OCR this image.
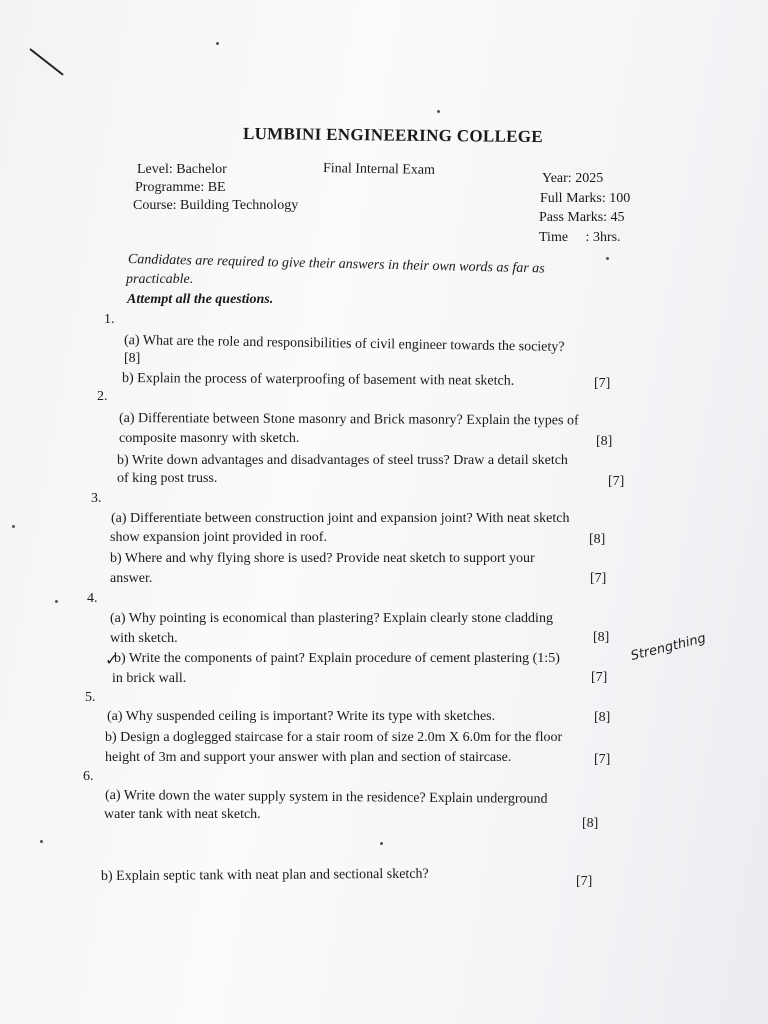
LUMBINI ENGINEERING COLLEGE
Level: Bachelor
Programme: BE
Course: Building Technology
Final Internal Exam
Year: 2025
Full Marks: 100
Pass Marks: 45
Time     : 3hrs.
Candidates are required to give their answers in their own words as far as
practicable.
Attempt all the questions.
1.
(a) What are the role and responsibilities of civil engineer towards the society?
[8]
b) Explain the process of waterproofing of basement with neat sketch.	[7]
2.
(a) Differentiate between Stone masonry and Brick masonry? Explain the types of
composite masonry with sketch.	[8]
b) Write down advantages and disadvantages of steel truss? Draw a detail sketch
of king post truss.	[7]
3.
(a) Differentiate between construction joint and expansion joint? With neat sketch
show expansion joint provided in roof.	[8]
b) Where and why flying shore is used? Provide neat sketch to support your
answer.	[7]
4.
(a) Why pointing is economical than plastering? Explain clearly stone cladding
with sketch.	[8]
✓
b) Write the components of paint? Explain procedure of cement plastering (1:5)
in brick wall.	[7]
Strengthing
5.
(a) Why suspended ceiling is important? Write its type with sketches.	[8]
b) Design a doglegged staircase for a stair room of size 2.0m X 6.0m for the floor
height of 3m and support your answer with plan and section of staircase.	[7]
6.
(a) Write down the water supply system in the residence? Explain underground
water tank with neat sketch.
[8]
b) Explain septic tank with neat plan and sectional sketch?	[7]
